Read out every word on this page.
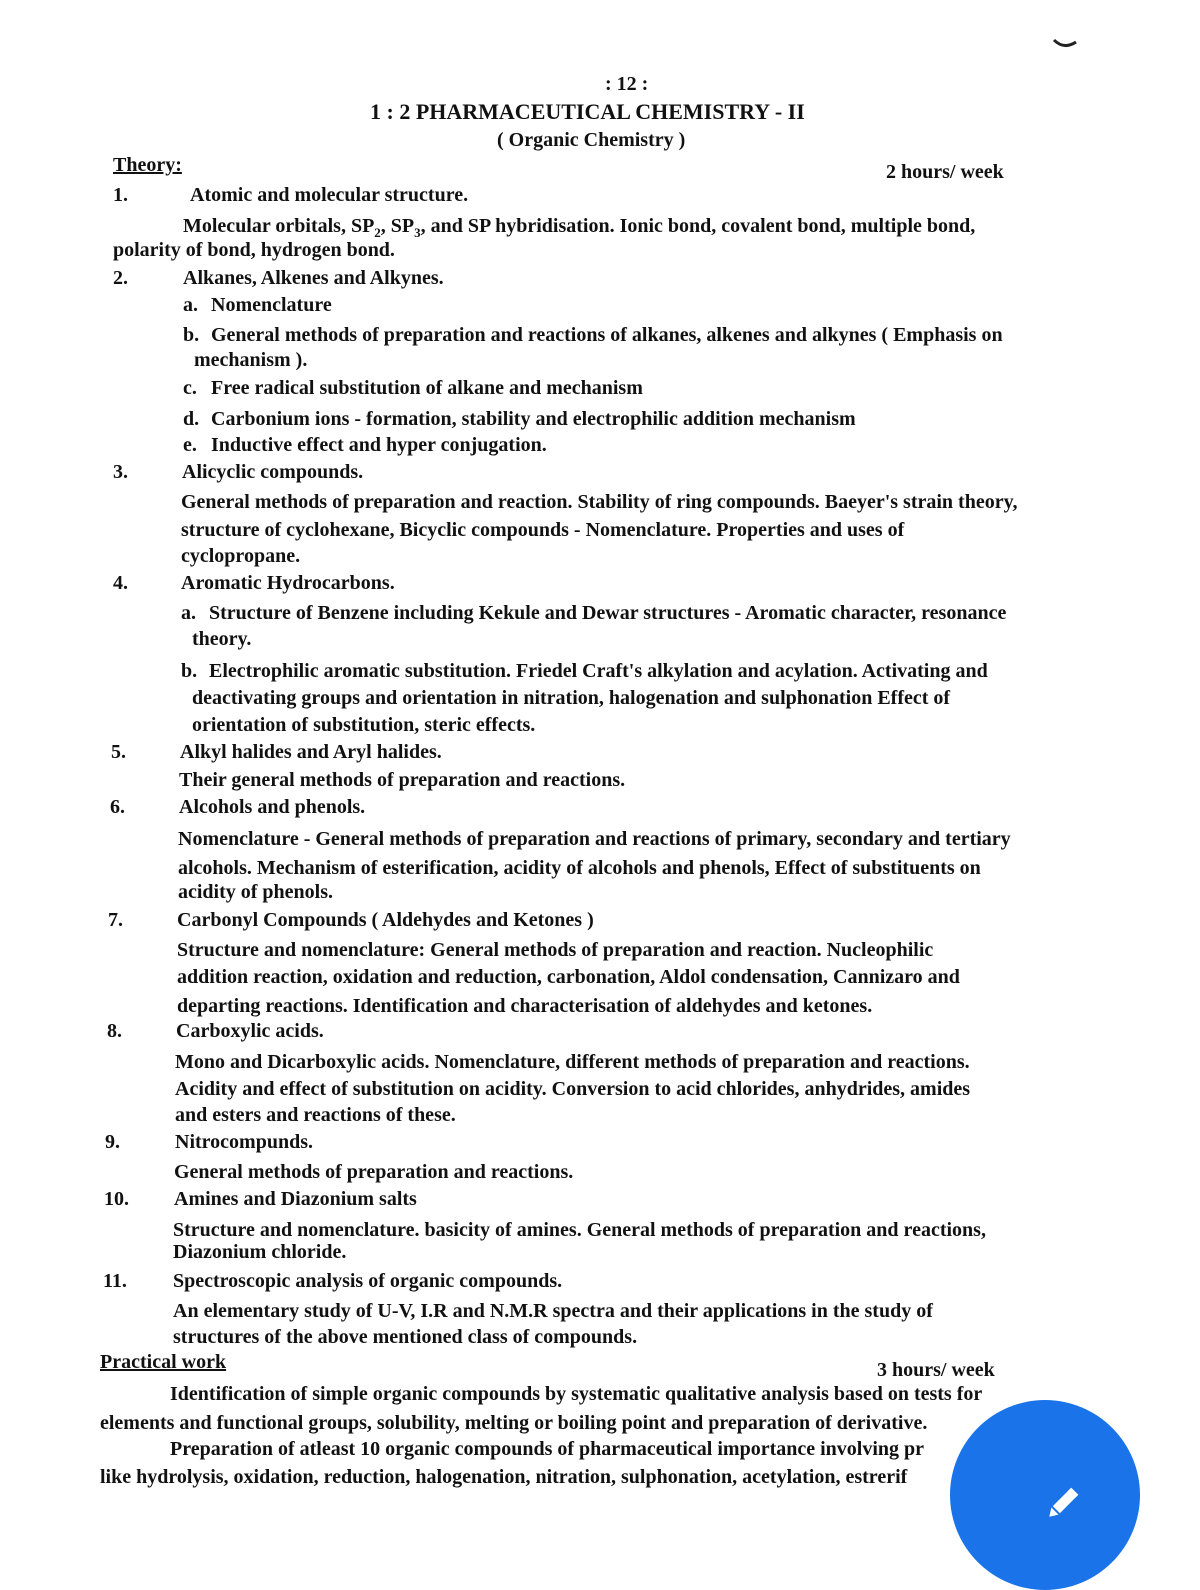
: 12 :
1 : 2 PHARMACEUTICAL CHEMISTRY - II
( Organic Chemistry )
Theory:	2 hours/ week
1.	Atomic and molecular structure.
Molecular orbitals, $SP_2$, $SP_3$, and SP hybridisation. Ionic bond, covalent bond, multiple bond,
polarity of bond, hydrogen bond.
2.	Alkanes, Alkenes and Alkynes.
a. Nomenclature
b. General methods of preparation and reactions of alkanes, alkenes and alkynes ( Emphasis on
mechanism ).
c. Free radical substitution of alkane and mechanism
d. Carbonium ions - formation, stability and electrophilic addition mechanism
e. Inductive effect and hyper conjugation.
3.	Alicyclic compounds.
General methods of preparation and reaction. Stability of ring compounds. Baeyer's strain theory,
structure of cyclohexane, Bicyclic compounds - Nomenclature. Properties and uses of
cyclopropane.
4.	Aromatic Hydrocarbons.
a. Structure of Benzene including Kekule and Dewar structures - Aromatic character, resonance
theory.
b. Electrophilic aromatic substitution. Friedel Craft's alkylation and acylation. Activating and
deactivating groups and orientation in nitration, halogenation and sulphonation Effect of
orientation of substitution, steric effects.
5.	Alkyl halides and Aryl halides.
Their general methods of preparation and reactions.
6.	Alcohols and phenols.
Nomenclature - General methods of preparation and reactions of primary, secondary and tertiary
alcohols. Mechanism of esterification, acidity of alcohols and phenols, Effect of substituents on
acidity of phenols.
7.	Carbonyl Compounds ( Aldehydes and Ketones )
Structure and nomenclature: General methods of preparation and reaction. Nucleophilic
addition reaction, oxidation and reduction, carbonation, Aldol condensation, Cannizaro and
departing reactions. Identification and characterisation of aldehydes and ketones.
8.	Carboxylic acids.
Mono and Dicarboxylic acids. Nomenclature, different methods of preparation and reactions.
Acidity and effect of substitution on acidity. Conversion to acid chlorides, anhydrides, amides
and esters and reactions of these.
9.	Nitrocompunds.
General methods of preparation and reactions.
10. Amines and Diazonium salts
Structure and nomenclature. basicity of amines. General methods of preparation and reactions,
Diazonium chloride.
11. Spectroscopic analysis of organic compounds.
An elementary study of U-V, I.R and N.M.R spectra and their applications in the study of
structures of the above mentioned class of compounds.
Practical work	3 hours/ week
Identification of simple organic compounds by systematic qualitative analysis based on tests for
elements and functional groups, solubility, melting or boiling point and preparation of derivative.
Preparation of atleast 10 organic compounds of pharmaceutical importance involving pr
like hydrolysis, oxidation, reduction, halogenation, nitration, sulphonation, acetylation, estrerif
